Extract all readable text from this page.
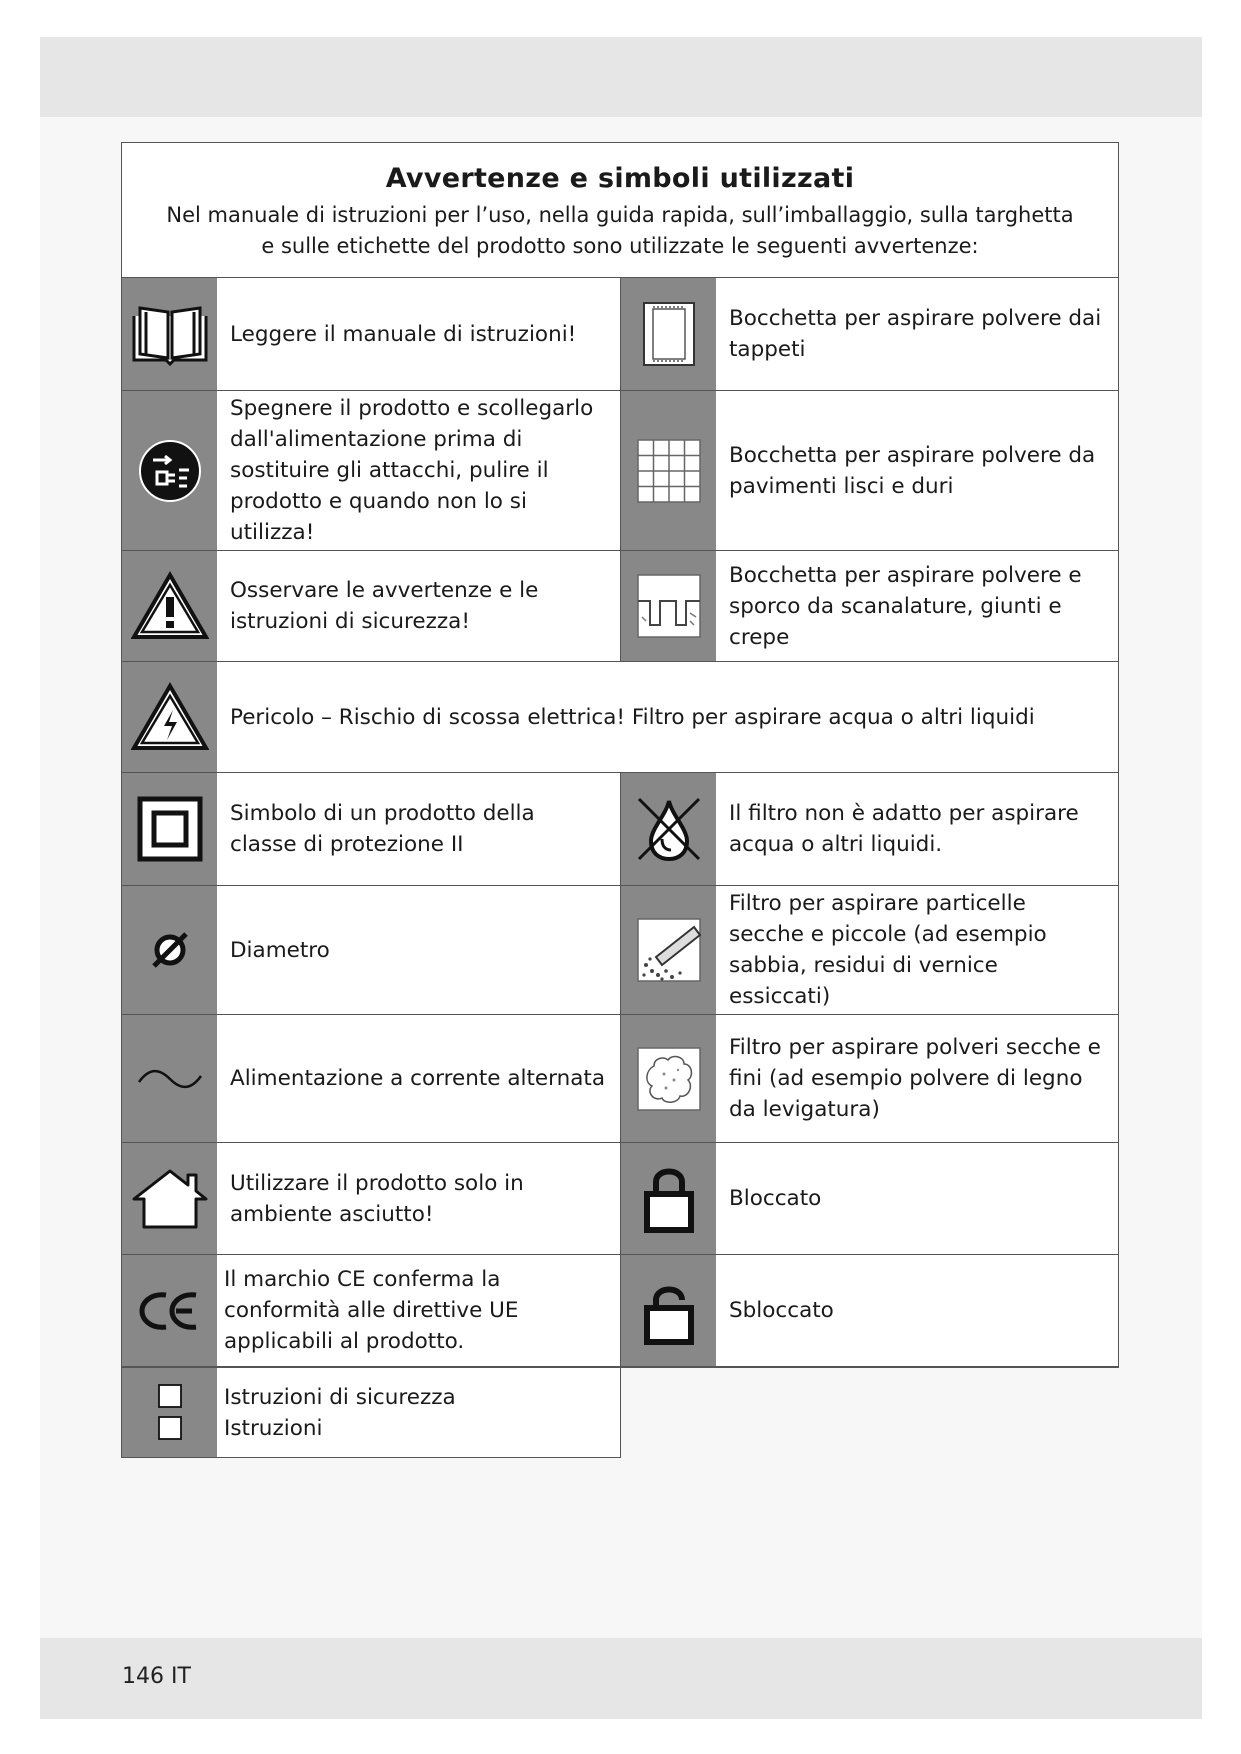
146 IT
Avvertenze e simboli utilizzati
Nel manuale di istruzioni per l’uso, nella guida rapida, sull’imballaggio, sulla targhetta e sulle etichette del prodotto sono utilizzate le seguenti avvertenze:
Leggere il manuale di istruzioni!
Bocchetta per aspirare polvere dai tappeti
Spegnere il prodotto e scollegarlo dall'alimentazione prima di sostituire gli attacchi, pulire il prodotto e quando non lo si utilizza!
Bocchetta per aspirare polvere da pavimenti lisci e duri
Osservare le avvertenze e le istruzioni di sicurezza!
Bocchetta per aspirare polvere e sporco da scanalature, giunti e crepe
Pericolo – Rischio di scossa elettrica! Filtro per aspirare acqua o altri liquidi
Simbolo di un prodotto della classe di protezione II
Il filtro non è adatto per aspirare acqua o altri liquidi.
Diametro
Filtro per aspirare particelle secche e piccole (ad esempio sabbia, residui di vernice essiccati)
Alimentazione a corrente alternata
Filtro per aspirare polveri secche e fini (ad esempio polvere di legno da levigatura)
Utilizzare il prodotto solo in ambiente asciutto!
Bloccato
Il marchio CE conferma la conformità alle direttive UE applicabili al prodotto.
Sbloccato
Istruzioni di sicurezza
Istruzioni
